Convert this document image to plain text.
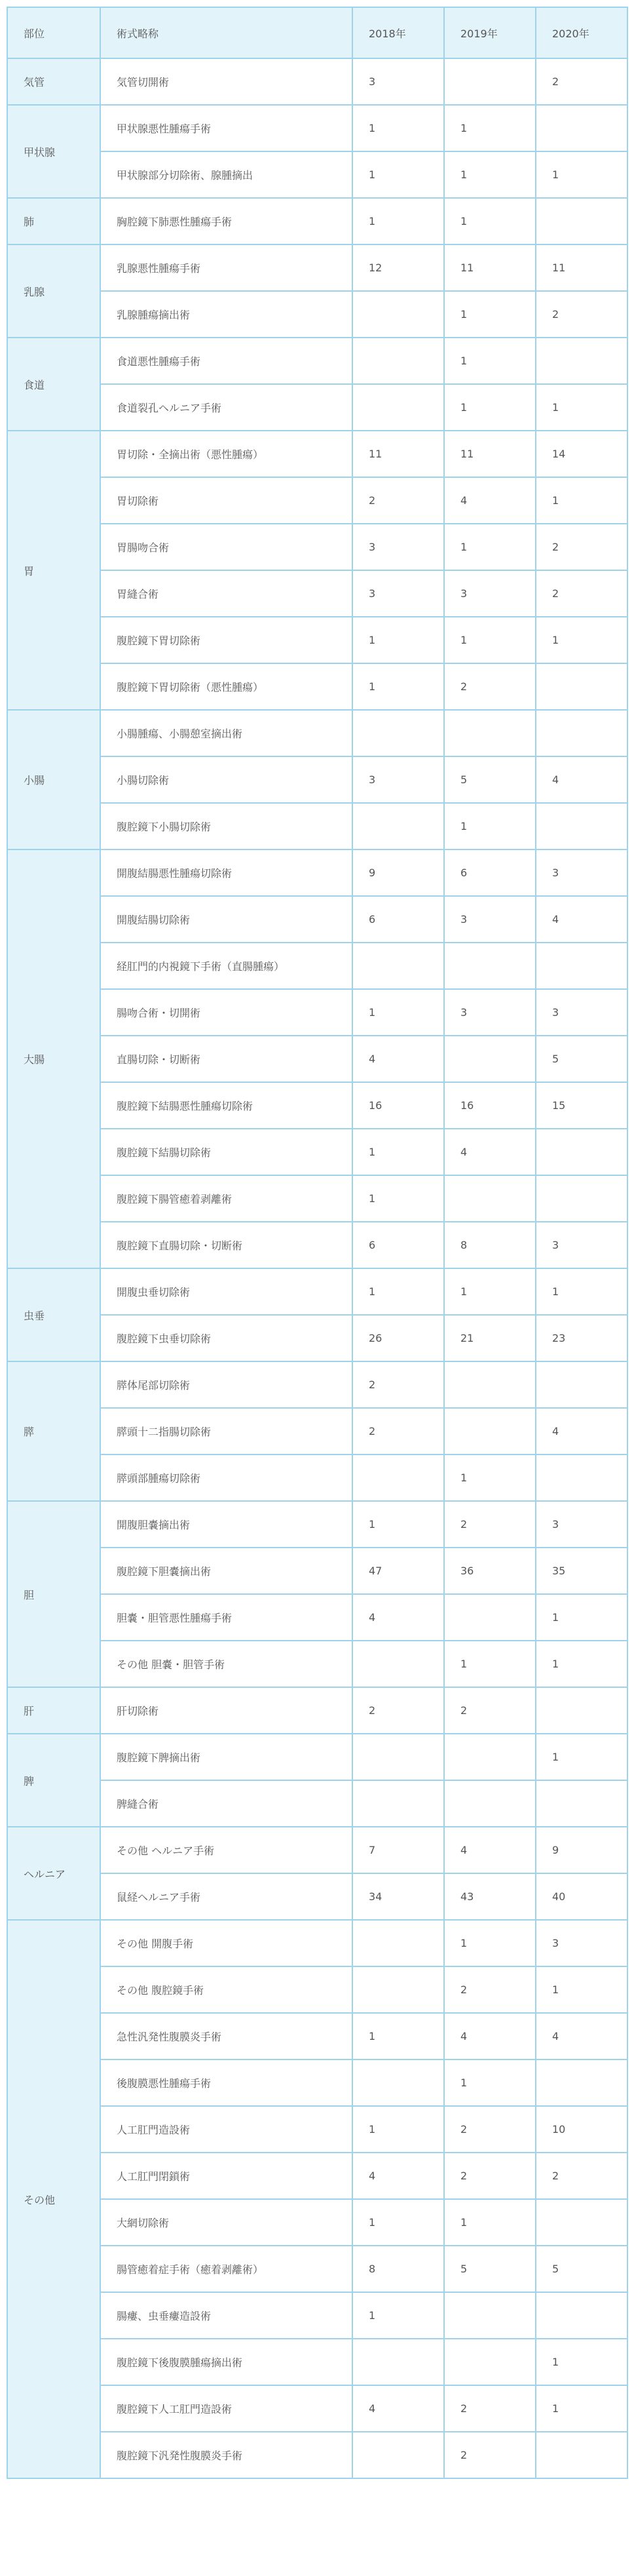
部位	術式略称	2018年	2019年	2020年
気管	気管切開術	3		2
甲状腺	甲状腺悪性腫瘍手術	1	1	
	甲状腺部分切除術、腺腫摘出	1	1	1
肺	胸腔鏡下肺悪性腫瘍手術	1	1	
乳腺	乳腺悪性腫瘍手術	12	11	11
	乳腺腫瘍摘出術		1	2
食道	食道悪性腫瘍手術		1	
	食道裂孔ヘルニア手術		1	1
胃	胃切除・全摘出術（悪性腫瘍）	11	11	14
	胃切除術	2	4	1
	胃腸吻合術	3	1	2
	胃縫合術	3	3	2
	腹腔鏡下胃切除術	1	1	1
	腹腔鏡下胃切除術（悪性腫瘍）	1	2	
小腸	小腸腫瘍、小腸憩室摘出術			
	小腸切除術	3	5	4
	腹腔鏡下小腸切除術		1	
大腸	開腹結腸悪性腫瘍切除術	9	6	3
	開腹結腸切除術	6	3	4
	経肛門的内視鏡下手術（直腸腫瘍）			
	腸吻合術・切開術	1	3	3
	直腸切除・切断術	4		5
	腹腔鏡下結腸悪性腫瘍切除術	16	16	15
	腹腔鏡下結腸切除術	1	4	
	腹腔鏡下腸管癒着剥離術	1		
	腹腔鏡下直腸切除・切断術	6	8	3
虫垂	開腹虫垂切除術	1	1	1
	腹腔鏡下虫垂切除術	26	21	23
膵	膵体尾部切除術	2		
	膵頭十二指腸切除術	2		4
	膵頭部腫瘍切除術		1	
胆	開腹胆嚢摘出術	1	2	3
	腹腔鏡下胆嚢摘出術	47	36	35
	胆嚢・胆管悪性腫瘍手術	4		1
	その他 胆嚢・胆管手術		1	1
肝	肝切除術	2	2	
脾	腹腔鏡下脾摘出術			1
	脾縫合術			
ヘルニア	その他 ヘルニア手術	7	4	9
	鼠経ヘルニア手術	34	43	40
その他	その他 開腹手術		1	3
	その他 腹腔鏡手術		2	1
	急性汎発性腹膜炎手術	1	4	4
	後腹膜悪性腫瘍手術		1	
	人工肛門造設術	1	2	10
	人工肛門閉鎖術	4	2	2
	大網切除術	1	1	
	腸管癒着症手術（癒着剥離術）	8	5	5
	腸瘻、虫垂瘻造設術	1		
	腹腔鏡下後腹膜腫瘍摘出術			1
	腹腔鏡下人工肛門造設術	4	2	1
	腹腔鏡下汎発性腹膜炎手術		2	
